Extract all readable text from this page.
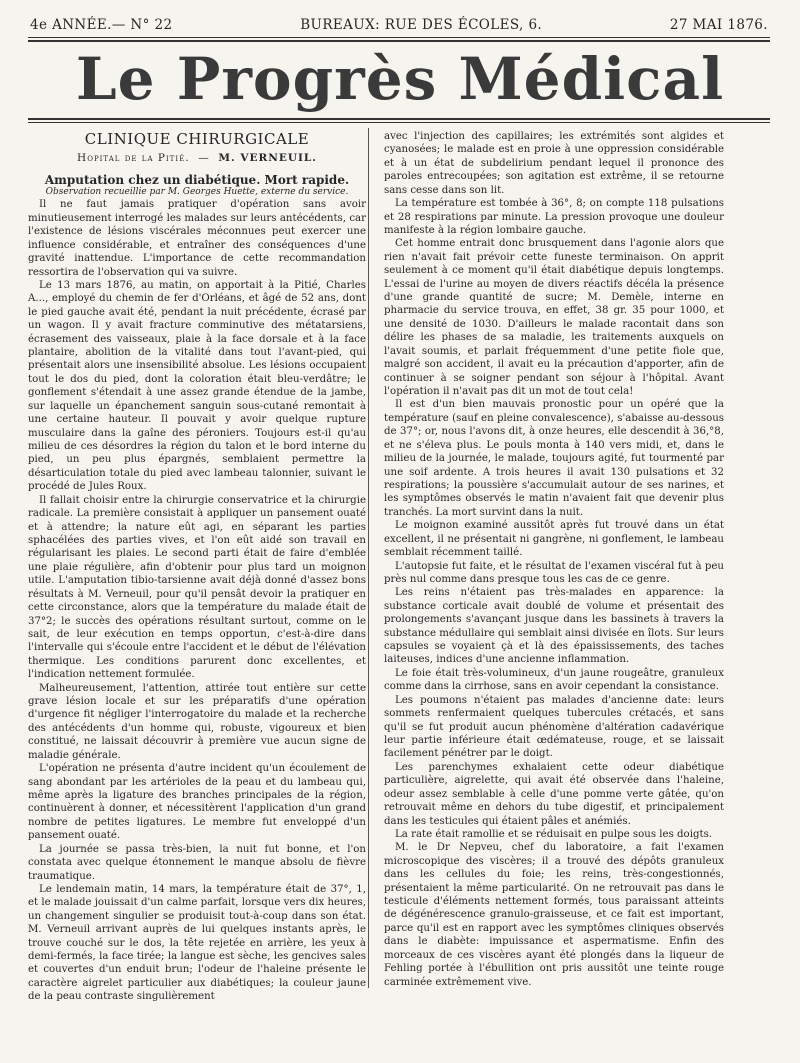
4e ANNÉE.— N° 22	BUREAUX: RUE DES ÉCOLES, 6.	27 MAI 1876.
Le Progrès Médical
CLINIQUE CHIRURGICALE
Hopital de la Pitié.  —  M. VERNEUIL.

Amputation chez un diabétique. Mort rapide.

Observation recueillie par M. Georges Huette, externe du service.

Il ne faut jamais pratiquer d'opération sans avoir minutieusement interrogé les malades sur leurs antécédents, car l'existence de lésions viscérales méconnues peut exercer une influence considérable, et entraîner des conséquences d'une gravité inattendue. L'importance de cette recommandation ressortira de l'observation qui va suivre.

Le 13 mars 1876, au matin, on apportait à la Pitié, Charles A..., employé du chemin de fer d'Orléans, et âgé de 52 ans, dont le pied gauche avait été, pendant la nuit précédente, écrasé par un wagon. Il y avait fracture comminutive des métatarsiens, écrasement des vaisseaux, plaie à la face dorsale et à la face plantaire, abolition de la vitalité dans tout l'avant-pied, qui présentait alors une insensibilité absolue. Les lésions occupaient tout le dos du pied, dont la coloration était bleu-verdâtre; le gonflement s'étendait à une assez grande étendue de la jambe, sur laquelle un épanchement sanguin sous-cutané remontait à une certaine hauteur. Il pouvait y avoir quelque rupture musculaire dans la gaîne des péroniers. Toujours est-il qu'au milieu de ces désordres la région du talon et le bord interne du pied, un peu plus épargnés, semblaient permettre la désarticulation totale du pied avec lambeau talonnier, suivant le procédé de Jules Roux.

Il fallait choisir entre la chirurgie conservatrice et la chirurgie radicale. La première consistait à appliquer un pansement ouaté et à attendre; la nature eût agi, en séparant les parties sphacélées des parties vives, et l'on eût aidé son travail en régularisant les plaies. Le second parti était de faire d'emblée une plaie régulière, afin d'obtenir pour plus tard un moignon utile. L'amputation tibio-tarsienne avait déjà donné d'assez bons résultats à M. Verneuil, pour qu'il pensât devoir la pratiquer en cette circonstance, alors que la température du malade était de 37°2; le succès des opérations résultant surtout, comme on le sait, de leur exécution en temps opportun, c'est-à-dire dans l'intervalle qui s'écoule entre l'accident et le début de l'élévation thermique. Les conditions parurent donc excellentes, et l'indication nettement formulée.

Malheureusement, l'attention, attirée tout entière sur cette grave lésion locale et sur les préparatifs d'une opération d'urgence fit négliger l'interrogatoire du malade et la recherche des antécédents d'un homme qui, robuste, vigoureux et bien constitué, ne laissait découvrir à première vue aucun signe de maladie générale.

L'opération ne présenta d'autre incident qu'un écoulement de sang abondant par les artérioles de la peau et du lambeau qui, même après la ligature des branches principales de la région, continuèrent à donner, et nécessitèrent l'application d'un grand nombre de petites ligatures. Le membre fut enveloppé d'un pansement ouaté.

La journée se passa très-bien, la nuit fut bonne, et l'on constata avec quelque étonnement le manque absolu de fièvre traumatique.

Le lendemain matin, 14 mars, la température était de 37°, 1, et le malade jouissait d'un calme parfait, lorsque vers dix heures, un changement singulier se produisit tout-à-coup dans son état. M. Verneuil arrivant auprès de lui quelques instants après, le trouve couché sur le dos, la tête rejetée en arrière, les yeux à demi-fermés, la face tirée; la langue est sèche, les gencives sales et couvertes d'un enduit brun; l'odeur de l'haleine présente le caractère aigrelet particulier aux diabétiques; la couleur jaune de la peau contraste singulièrement

avec l'injection des capillaires; les extrémités sont algides et cyanosées; le malade est en proie à une oppression considérable et à un état de subdelirium pendant lequel il prononce des paroles entrecoupées; son agitation est extrême, il se retourne sans cesse dans son lit.

La température est tombée à 36°, 8; on compte 118 pulsations et 28 respirations par minute. La pression provoque une douleur manifeste à la région lombaire gauche.

Cet homme entrait donc brusquement dans l'agonie alors que rien n'avait fait prévoir cette funeste terminaison. On apprit seulement à ce moment qu'il était diabétique depuis longtemps. L'essai de l'urine au moyen de divers réactifs décéla la présence d'une grande quantité de sucre; M. Demèle, interne en pharmacie du service trouva, en effet, 38 gr. 35 pour 1000, et une densité de 1030. D'ailleurs le malade racontait dans son délire les phases de sa maladie, les traitements auxquels on l'avait soumis, et parlait fréquemment d'une petite fiole que, malgré son accident, il avait eu la précaution d'apporter, afin de continuer à se soigner pendant son séjour à l'hôpital. Avant l'opération il n'avait pas dit un mot de tout cela!

Il est d'un bien mauvais pronostic pour un opéré que la température (sauf en pleine convalescence), s'abaisse au-dessous de 37°; or, nous l'avons dit, à onze heures, elle descendit à 36,°8, et ne s'éleva plus. Le pouls monta à 140 vers midi, et, dans le milieu de la journée, le malade, toujours agité, fut tourmenté par une soif ardente. A trois heures il avait 130 pulsations et 32 respirations; la poussière s'accumulait autour de ses narines, et les symptômes observés le matin n'avaient fait que devenir plus tranchés. La mort survint dans la nuit.

Le moignon examiné aussitôt après fut trouvé dans un état excellent, il ne présentait ni gangrène, ni gonflement, le lambeau semblait récemment taillé.

L'autopsie fut faite, et le résultat de l'examen viscéral fut à peu près nul comme dans presque tous les cas de ce genre.

Les reins n'étaient pas très-malades en apparence: la substance corticale avait doublé de volume et présentait des prolongements s'avançant jusque dans les bassinets à travers la substance médullaire qui semblait ainsi divisée en îlots. Sur leurs capsules se voyaient çà et là des épaississements, des taches laiteuses, indices d'une ancienne inflammation.

Le foie était très-volumineux, d'un jaune rougeâtre, granuleux comme dans la cirrhose, sans en avoir cependant la consistance.

Les poumons n'étaient pas malades d'ancienne date: leurs sommets renfermaient quelques tubercules crétacés, et sans qu'il se fut produit aucun phénomène d'altération cadavérique leur partie inférieure était œdémateuse, rouge, et se laissait facilement pénétrer par le doigt.

Les parenchymes exhalaient cette odeur diabétique particulière, aigrelette, qui avait été observée dans l'haleine, odeur assez semblable à celle d'une pomme verte gâtée, qu'on retrouvait même en dehors du tube digestif, et principalement dans les testicules qui étaient pâles et anémiés.

La rate était ramollie et se réduisait en pulpe sous les doigts.

M. le Dr Nepveu, chef du laboratoire, a fait l'examen microscopique des viscères; il a trouvé des dépôts granuleux dans les cellules du foie; les reins, très-congestionnés, présentaient la même particularité. On ne retrouvait pas dans le testicule d'éléments nettement formés, tous paraissant atteints de dégénérescence granulo-graisseuse, et ce fait est important, parce qu'il est en rapport avec les symptômes cliniques observés dans le diabète: impuissance et aspermatisme. Enfin des morceaux de ces viscères ayant été plongés dans la liqueur de Fehling portée à l'ébullition ont pris aussitôt une teinte rouge carminée extrêmement vive.
